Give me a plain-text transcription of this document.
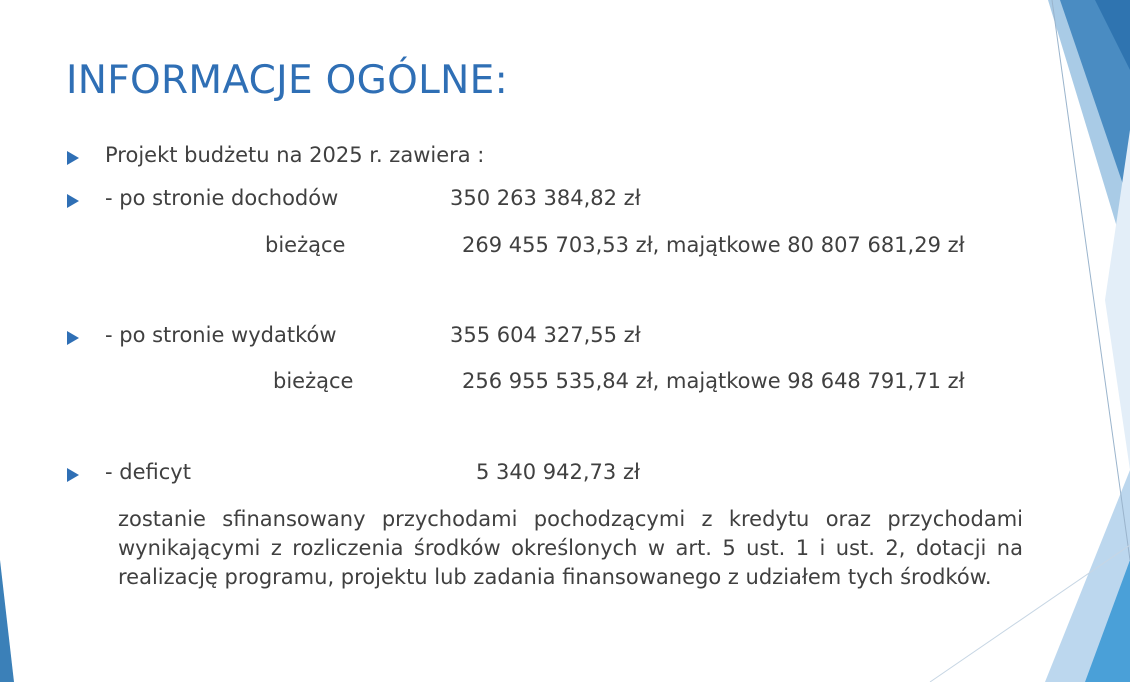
INFORMACJE OGÓLNE:
Projekt budżetu na 2025 r. zawiera :
- po stronie dochodów	350 263 384,82 zł
bieżące	269 455 703,53 zł, majątkowe 80 807 681,29 zł
- po stronie wydatków	355 604 327,55 zł
bieżące	256 955 535,84 zł, majątkowe 98 648 791,71 zł
- deficyt	5 340 942,73 zł
zostanie sfinansowany przychodami pochodzącymi z kredytu oraz przychodami wynikającymi z rozliczenia środków określonych w art. 5 ust. 1 i ust. 2, dotacji na realizację programu, projektu lub zadania finansowanego z udziałem tych środków.
